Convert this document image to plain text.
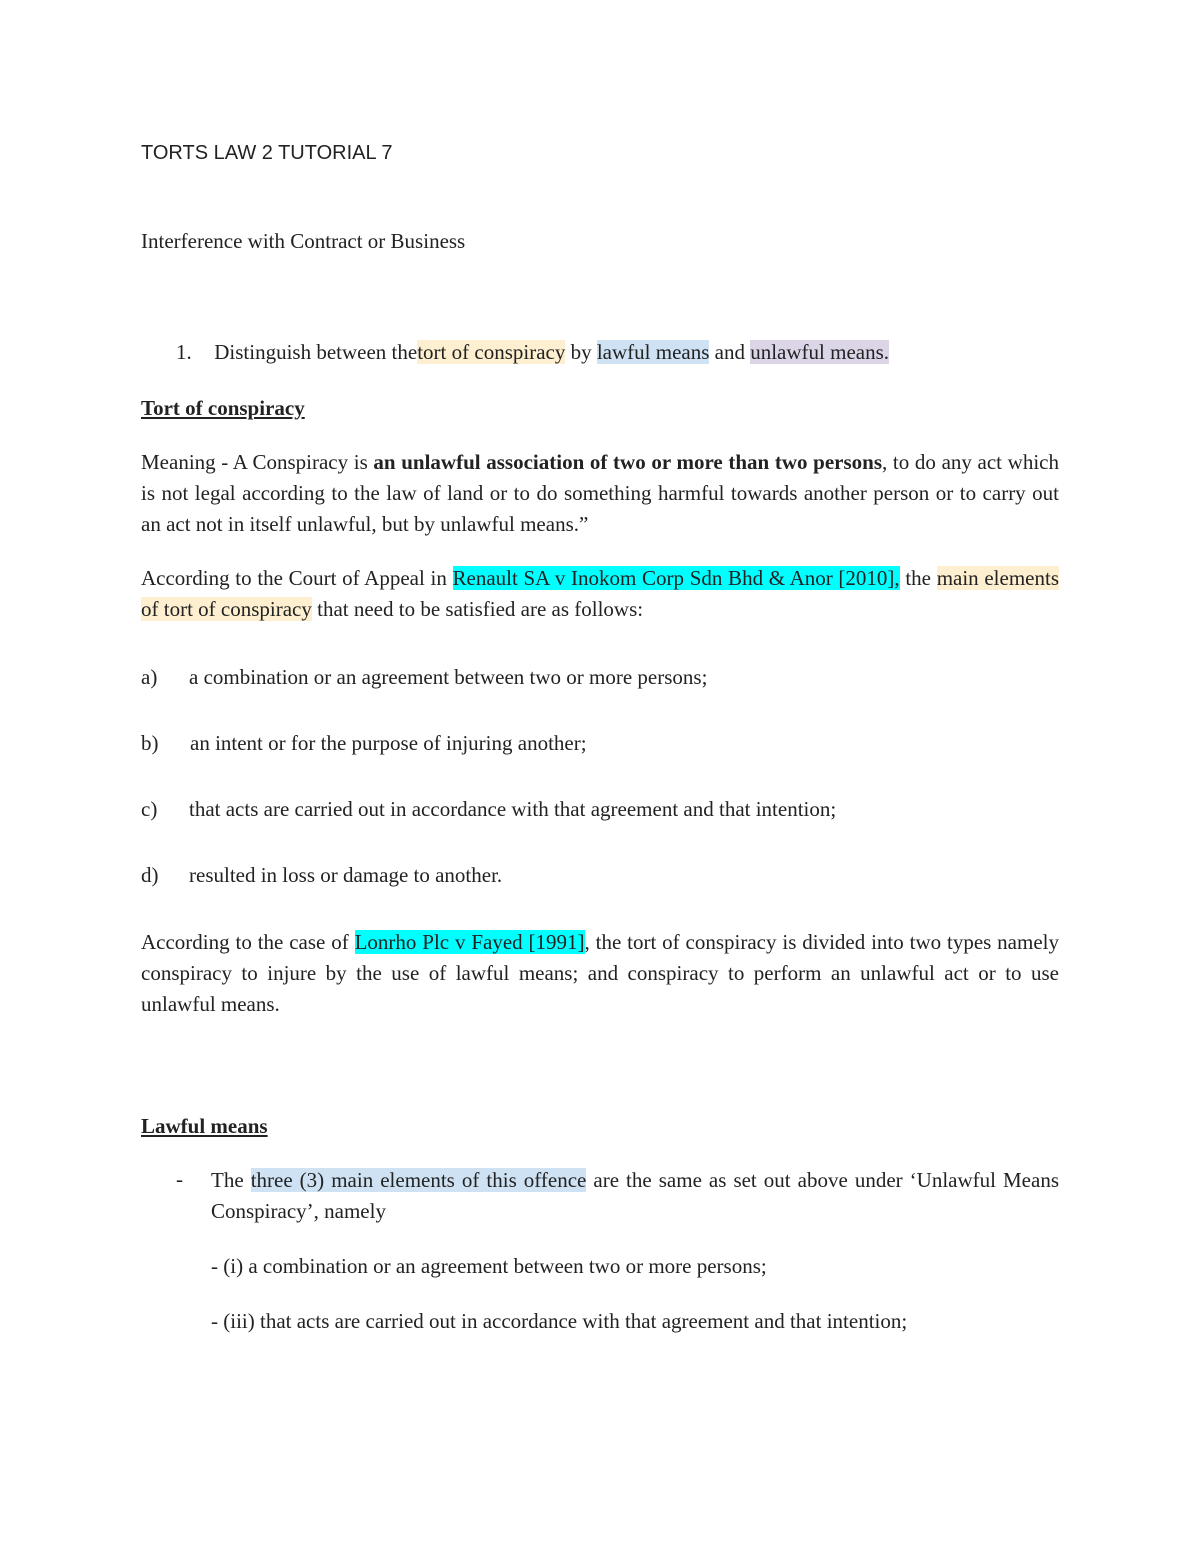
TORTS LAW 2 TUTORIAL 7
Interference with Contract or Business
1. Distinguish between thetort of conspiracy by lawful means and unlawful means.
Tort of conspiracy
Meaning - A Conspiracy is an unlawful association of two or more than two persons, to do any act which is not legal according to the law of land or to do something harmful towards another person or to carry out an act not in itself unlawful, but by unlawful means.”
According to the Court of Appeal in Renault SA v Inokom Corp Sdn Bhd & Anor [2010], the main elements of tort of conspiracy that need to be satisfied are as follows:
a) a combination or an agreement between two or more persons;
b) an intent or for the purpose of injuring another;
c) that acts are carried out in accordance with that agreement and that intention;
d) resulted in loss or damage to another.
According to the case of Lonrho Plc v Fayed [1991], the tort of conspiracy is divided into two types namely conspiracy to injure by the use of lawful means; and conspiracy to perform an unlawful act or to use unlawful means.
Lawful means
- The three (3) main elements of this offence are the same as set out above under ‘Unlawful Means Conspiracy’, namely
- (i) a combination or an agreement between two or more persons;
- (iii) that acts are carried out in accordance with that agreement and that intention;
